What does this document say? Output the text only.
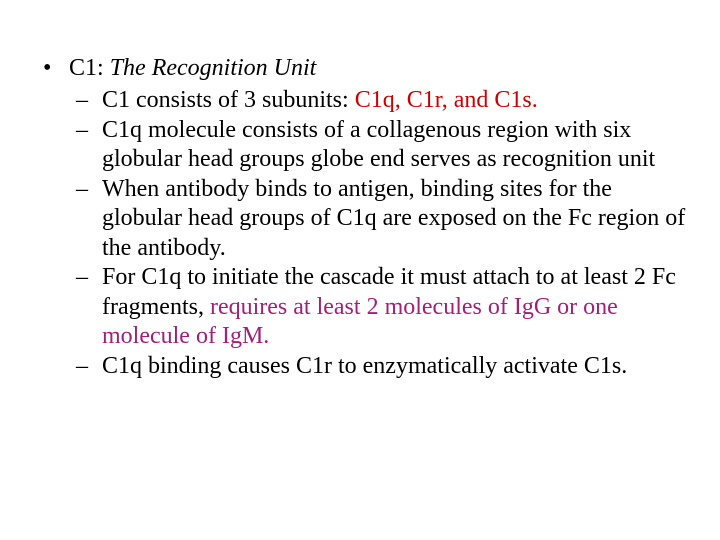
• C1: The Recognition Unit
– C1 consists of 3 subunits: C1q, C1r, and C1s.
– C1q molecule consists of a collagenous region with six globular head groups globe end serves as recognition unit
– When antibody binds to antigen, binding sites for the globular head groups of C1q are exposed on the Fc region of the antibody.
– For C1q to initiate the cascade it must attach to at least 2 Fc fragments, requires at least 2 molecules of IgG or one molecule of IgM.
– C1q binding causes C1r to enzymatically activate C1s.
